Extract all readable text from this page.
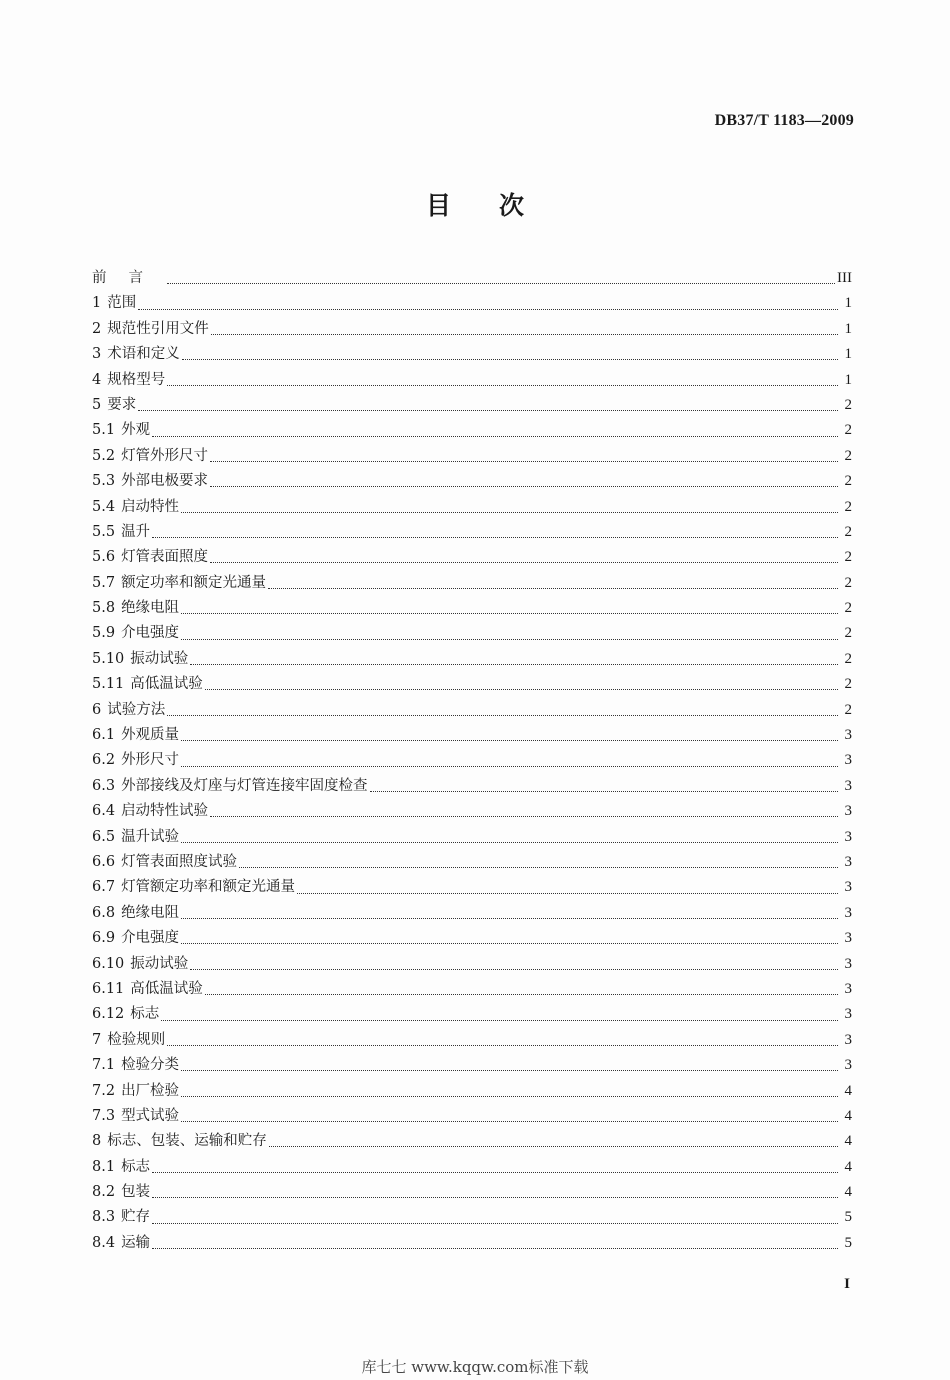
DB37/T 1183—2009
目次
前言	III
1 范围	1
2 规范性引用文件	1
3 术语和定义	1
4 规格型号	1
5 要求	2
5.1 外观	2
5.2 灯管外形尺寸	2
5.3 外部电极要求	2
5.4 启动特性	2
5.5 温升	2
5.6 灯管表面照度	2
5.7 额定功率和额定光通量	2
5.8 绝缘电阻	2
5.9 介电强度	2
5.10 振动试验	2
5.11 高低温试验	2
6 试验方法	2
6.1 外观质量	3
6.2 外形尺寸	3
6.3 外部接线及灯座与灯管连接牢固度检查	3
6.4 启动特性试验	3
6.5 温升试验	3
6.6 灯管表面照度试验	3
6.7 灯管额定功率和额定光通量	3
6.8 绝缘电阻	3
6.9 介电强度	3
6.10 振动试验	3
6.11 高低温试验	3
6.12 标志	3
7 检验规则	3
7.1 检验分类	3
7.2 出厂检验	4
7.3 型式试验	4
8 标志、包装、运输和贮存	4
8.1 标志	4
8.2 包装	4
8.3 贮存	5
8.4 运输	5
I
库七七 www.kqqw.com标准下载
